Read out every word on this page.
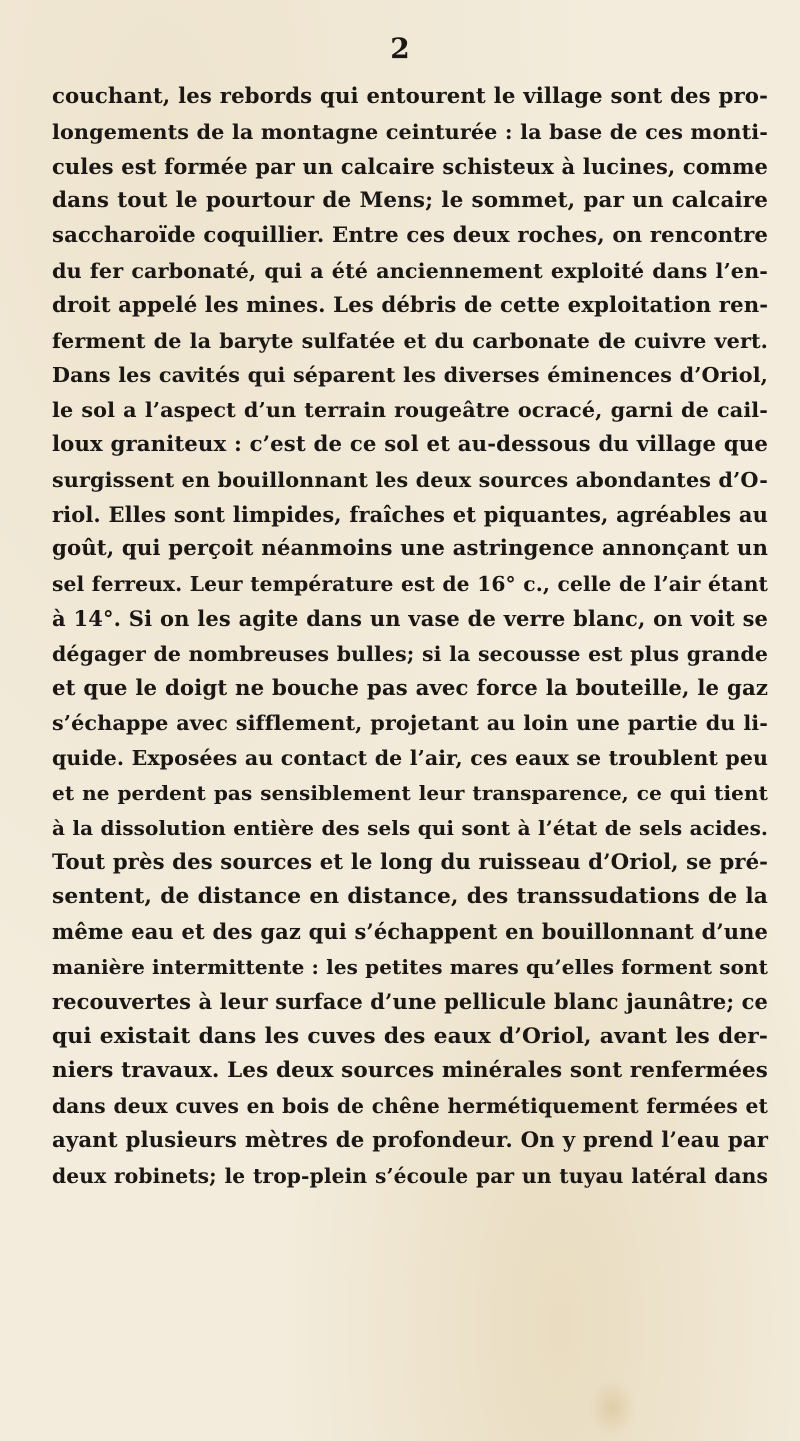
2
couchant, les rebords qui entourent le village sont des pro-
longements de la montagne ceinturée : la base de ces monti-
cules est formée par un calcaire schisteux à lucines, comme
dans tout le pourtour de Mens; le sommet, par un calcaire
saccharoïde coquillier. Entre ces deux roches, on rencontre
du fer carbonaté, qui a été anciennement exploité dans l’en-
droit appelé les mines. Les débris de cette exploitation ren-
ferment de la baryte sulfatée et du carbonate de cuivre vert.
Dans les cavités qui séparent les diverses éminences d’Oriol,
le sol a l’aspect d’un terrain rougeâtre ocracé, garni de cail-
loux graniteux : c’est de ce sol et au-dessous du village que
surgissent en bouillonnant les deux sources abondantes d’O-
riol. Elles sont limpides, fraîches et piquantes, agréables au
goût, qui perçoit néanmoins une astringence annonçant un
sel ferreux. Leur température est de 16° c., celle de l’air étant
à 14°. Si on les agite dans un vase de verre blanc, on voit se
dégager de nombreuses bulles; si la secousse est plus grande
et que le doigt ne bouche pas avec force la bouteille, le gaz
s’échappe avec sifflement, projetant au loin une partie du li-
quide. Exposées au contact de l’air, ces eaux se troublent peu
et ne perdent pas sensiblement leur transparence, ce qui tient
à la dissolution entière des sels qui sont à l’état de sels acides.
Tout près des sources et le long du ruisseau d’Oriol, se pré-
sentent, de distance en distance, des transsudations de la
même eau et des gaz qui s’échappent en bouillonnant d’une
manière intermittente : les petites mares qu’elles forment sont
recouvertes à leur surface d’une pellicule blanc jaunâtre; ce
qui existait dans les cuves des eaux d’Oriol, avant les der-
niers travaux. Les deux sources minérales sont renfermées
dans deux cuves en bois de chêne hermétiquement fermées et
ayant plusieurs mètres de profondeur. On y prend l’eau par
deux robinets; le trop-plein s’écoule par un tuyau latéral dans
